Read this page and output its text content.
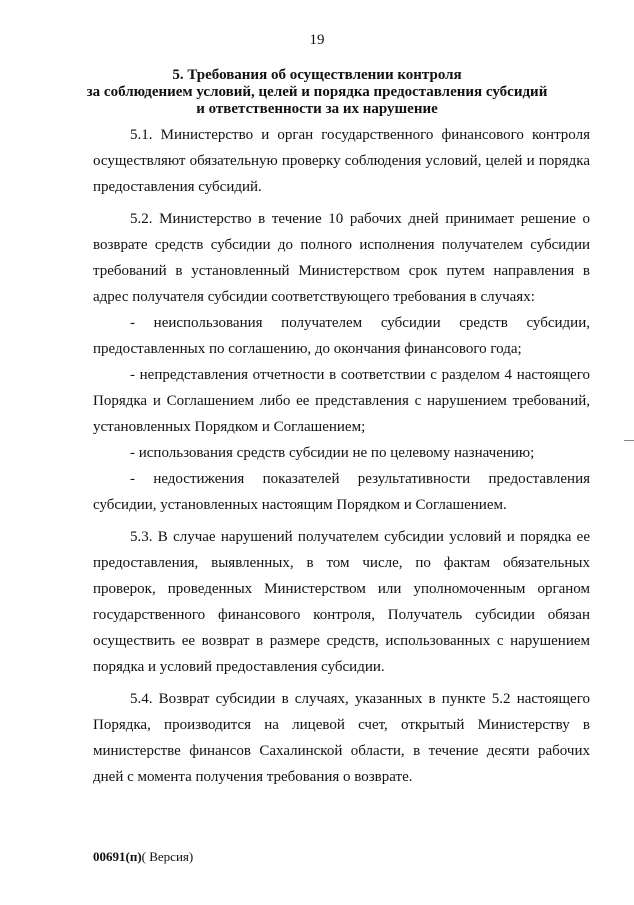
19
5. Требования об осуществлении контроля
за соблюдением условий, целей и порядка предоставления субсидий
и ответственности за их нарушение

5.1. Министерство и орган государственного финансового контроля осуществляют обязательную проверку соблюдения условий, целей и порядка предоставления субсидий.

5.2. Министерство в течение 10 рабочих дней принимает решение о возврате средств субсидии до полного исполнения получателем субсидии требований в установленный Министерством срок путем направления в адрес получателя субсидии соответствующего требования в случаях:

- неиспользования получателем субсидии средств субсидии, предоставленных по соглашению, до окончания финансового года;

- непредставления отчетности в соответствии с разделом 4 настоящего Порядка и Соглашением либо ее представления с нарушением требований, установленных Порядком и Соглашением;

- использования средств субсидии не по целевому назначению;

- недостижения показателей результативности предоставления субсидии, установленных настоящим Порядком и Соглашением.

5.3. В случае нарушений получателем субсидии условий и порядка ее предоставления, выявленных, в том числе, по фактам обязательных проверок, проведенных Министерством или уполномоченным органом государственного финансового контроля, Получатель субсидии обязан осуществить ее возврат в размере средств, использованных с нарушением порядка и условий предоставления субсидии.

5.4. Возврат субсидии в случаях, указанных в пункте 5.2 настоящего Порядка, производится на лицевой счет, открытый Министерству в министерстве финансов Сахалинской области, в течение десяти рабочих дней с момента получения требования о возврате.

00691(п)( Версия)
